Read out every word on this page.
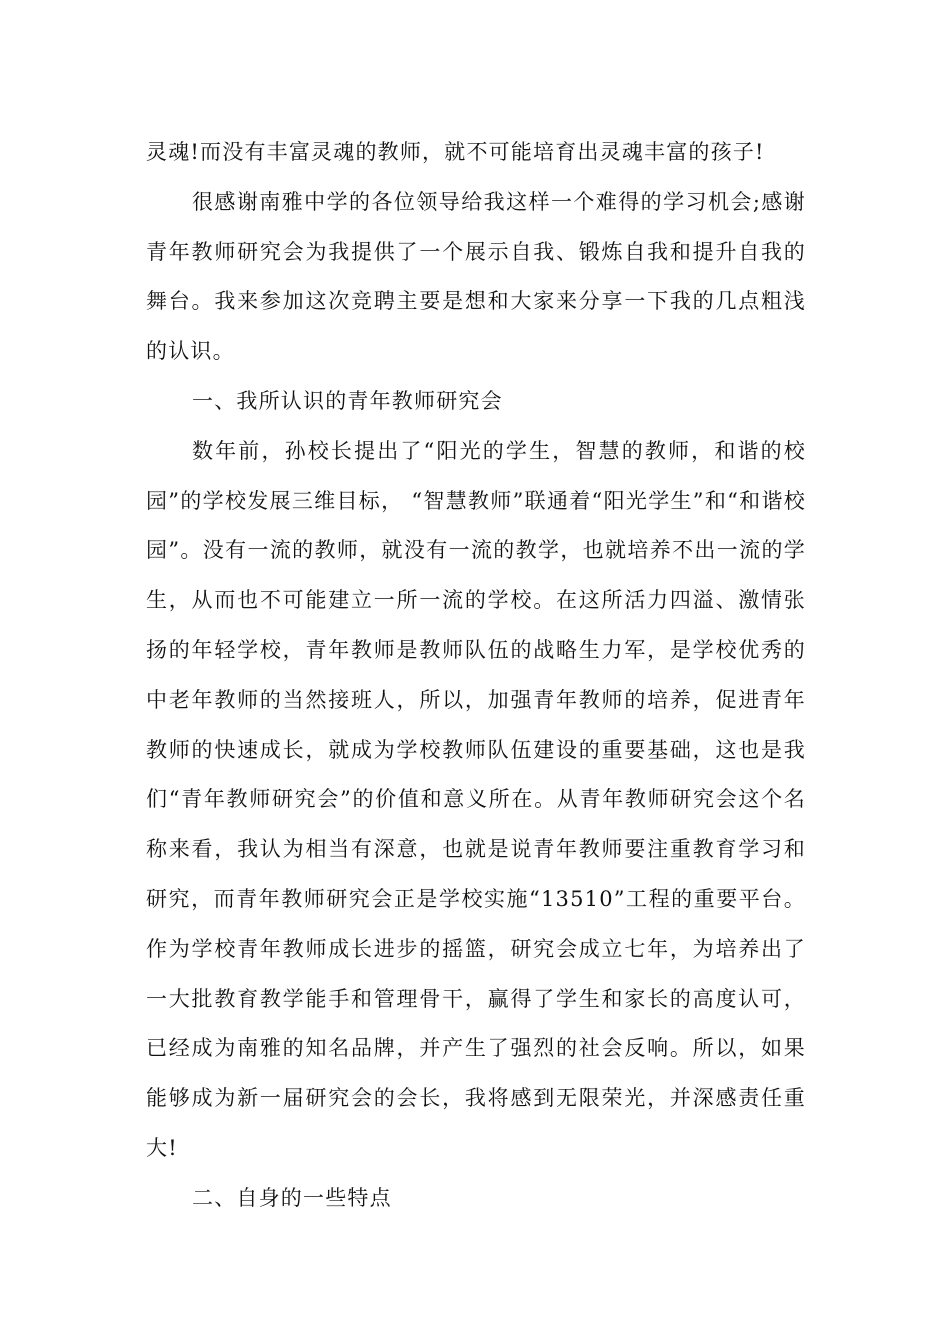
灵魂!而没有丰富灵魂的教师，就不可能培育出灵魂丰富的孩子!

很感谢南雅中学的各位领导给我这样一个难得的学习机会;感谢青年教师研究会为我提供了一个展示自我、锻炼自我和提升自我的舞台。我来参加这次竞聘主要是想和大家来分享一下我的几点粗浅的认识。

一、我所认识的青年教师研究会

数年前，孙校长提出了“阳光的学生，智慧的教师，和谐的校园”的学校发展三维目标， “智慧教师”联通着“阳光学生”和“和谐校园”。没有一流的教师，就没有一流的教学，也就培养不出一流的学生，从而也不可能建立一所一流的学校。在这所活力四溢、激情张扬的年轻学校，青年教师是教师队伍的战略生力军，是学校优秀的中老年教师的当然接班人，所以，加强青年教师的培养，促进青年教师的快速成长，就成为学校教师队伍建设的重要基础，这也是我们“青年教师研究会”的价值和意义所在。从青年教师研究会这个名称来看，我认为相当有深意，也就是说青年教师要注重教育学习和研究，而青年教师研究会正是学校实施“13510”工程的重要平台。作为学校青年教师成长进步的摇篮，研究会成立七年，为培养出了一大批教育教学能手和管理骨干，赢得了学生和家长的高度认可，已经成为南雅的知名品牌，并产生了强烈的社会反响。所以，如果能够成为新一届研究会的会长，我将感到无限荣光，并深感责任重大!

二、自身的一些特点
